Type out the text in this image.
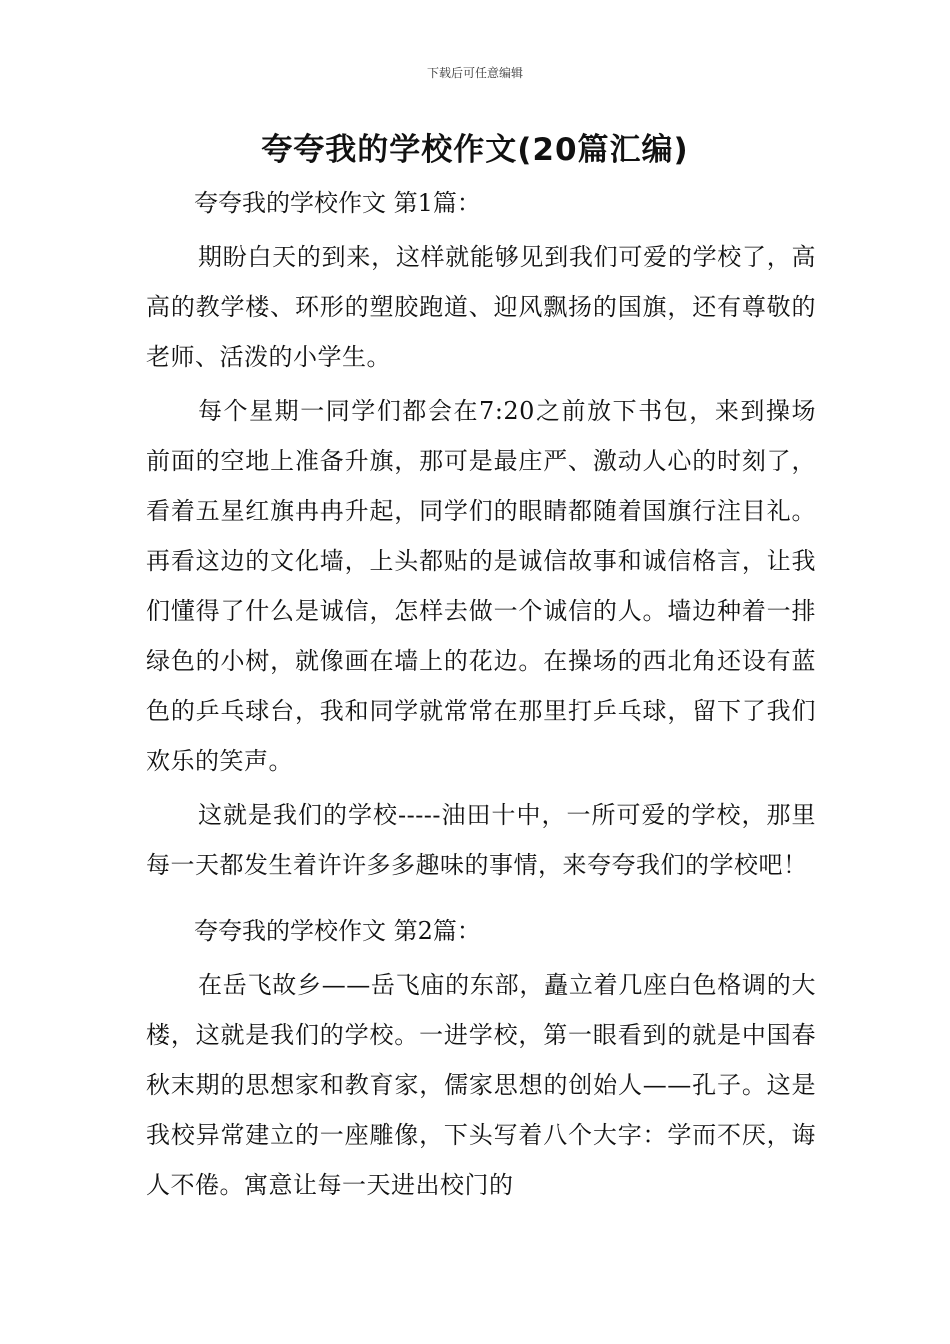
下载后可任意编辑
夸夸我的学校作文(20篇汇编)
夸夸我的学校作文 第1篇：

期盼白天的到来，这样就能够见到我们可爱的学校了，高高的教学楼、环形的塑胶跑道、迎风飘扬的国旗，还有尊敬的老师、活泼的小学生。

每个星期一同学们都会在7:20之前放下书包，来到操场前面的空地上准备升旗，那可是最庄严、激动人心的时刻了，看着五星红旗冉冉升起，同学们的眼睛都随着国旗行注目礼。再看这边的文化墙，上头都贴的是诚信故事和诚信格言，让我们懂得了什么是诚信，怎样去做一个诚信的人。墙边种着一排绿色的小树，就像画在墙上的花边。在操场的西北角还设有蓝色的乒乓球台，我和同学就常常在那里打乒乓球，留下了我们欢乐的笑声。

这就是我们的学校-----油田十中，一所可爱的学校，那里每一天都发生着许许多多趣味的事情，来夸夸我们的学校吧！

夸夸我的学校作文 第2篇：

在岳飞故乡——岳飞庙的东部，矗立着几座白色格调的大楼，这就是我们的学校。一进学校，第一眼看到的就是中国春秋末期的思想家和教育家，儒家思想的创始人——孔子。这是我校异常建立的一座雕像，下头写着八个大字：学而不厌，诲人不倦。寓意让每一天进出校门的
